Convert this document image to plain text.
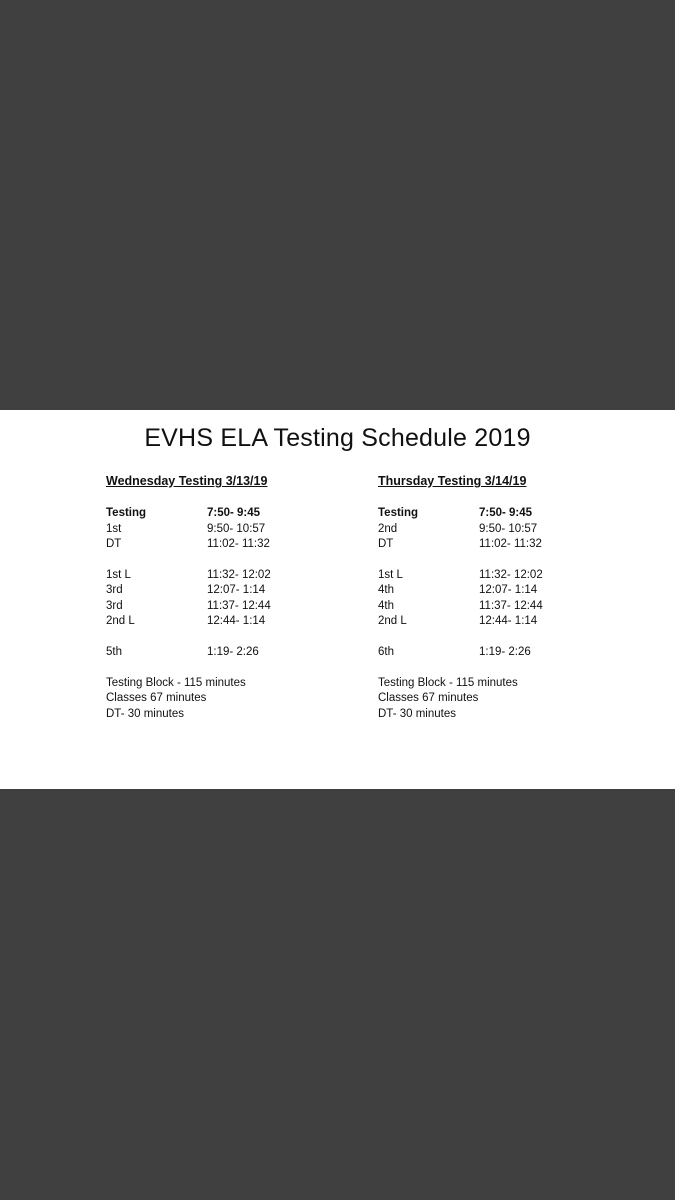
EVHS ELA Testing Schedule 2019
Wednesday Testing 3/13/19
Testing	7:50- 9:45
1st	9:50- 10:57
DT	11:02- 11:32
1st L	11:32- 12:02
3rd	12:07- 1:14
3rd	11:37- 12:44
2nd L	12:44- 1:14
5th	1:19- 2:26
Testing Block - 115 minutes
Classes 67 minutes
DT- 30 minutes
Thursday Testing 3/14/19
Testing	7:50- 9:45
2nd	9:50- 10:57
DT	11:02- 11:32
1st L	11:32- 12:02
4th	12:07- 1:14
4th	11:37- 12:44
2nd L	12:44- 1:14
6th	1:19- 2:26
Testing Block - 115 minutes
Classes 67 minutes
DT- 30 minutes
